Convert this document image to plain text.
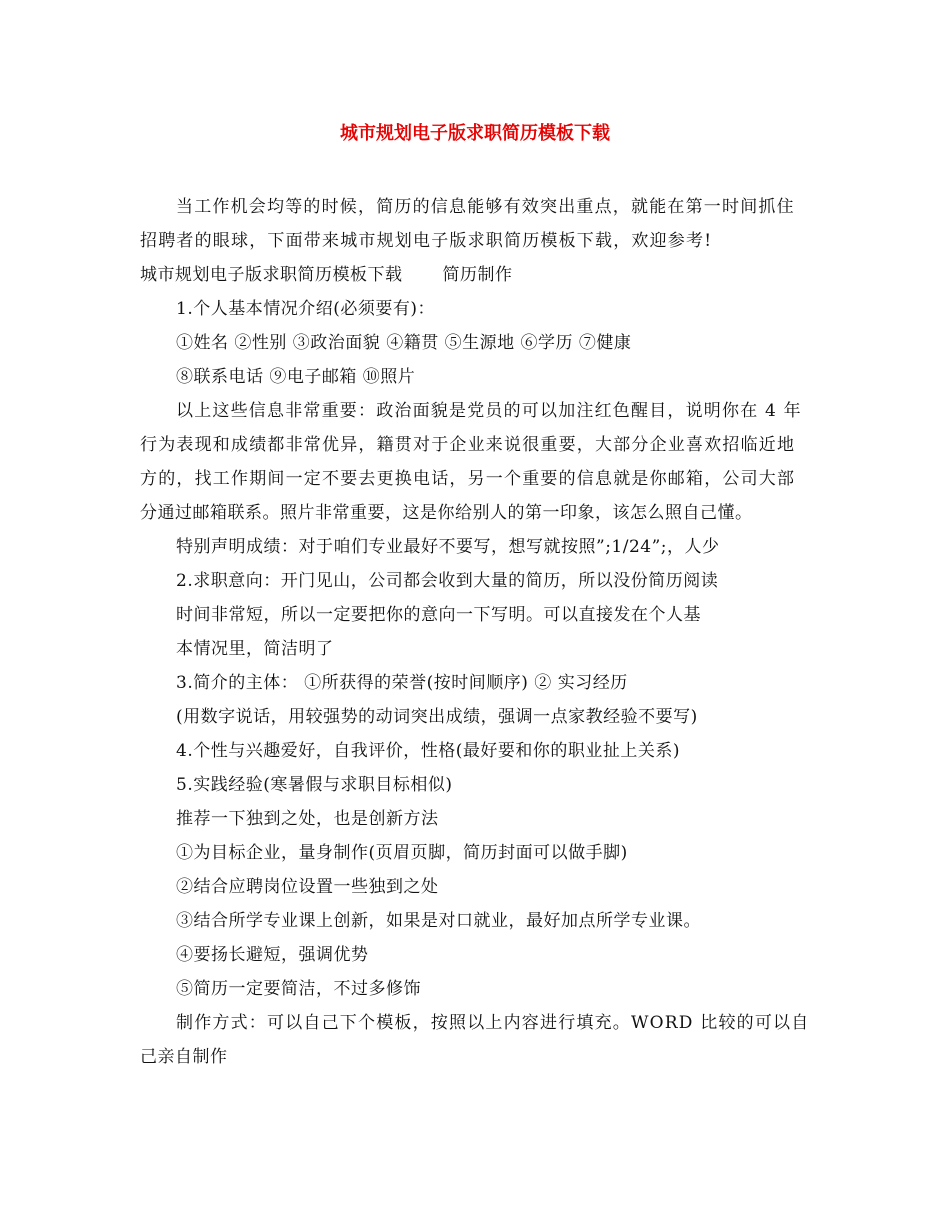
城市规划电子版求职简历模板下载
当工作机会均等的时候，简历的信息能够有效突出重点，就能在第一时间抓住
招聘者的眼球，下面带来城市规划电子版求职简历模板下载，欢迎参考!
城市规划电子版求职简历模板下载 简历制作
1.个人基本情况介绍(必须要有)：
①姓名 ②性别 ③政治面貌 ④籍贯 ⑤生源地 ⑥学历 ⑦健康
⑧联系电话 ⑨电子邮箱 ⑩照片
以上这些信息非常重要：政治面貌是党员的可以加注红色醒目，说明你在 4 年
行为表现和成绩都非常优异，籍贯对于企业来说很重要，大部分企业喜欢招临近地
方的，找工作期间一定不要去更换电话，另一个重要的信息就是你邮箱，公司大部
分通过邮箱联系。照片非常重要，这是你给别人的第一印象，该怎么照自己懂。
特别声明成绩：对于咱们专业最好不要写，想写就按照”;1/24”;，人少
2.求职意向：开门见山，公司都会收到大量的简历，所以没份简历阅读
时间非常短，所以一定要把你的意向一下写明。可以直接发在个人基
本情况里，简洁明了
3.简介的主体： ①所获得的荣誉(按时间顺序) ② 实习经历
(用数字说话，用较强势的动词突出成绩，强调一点家教经验不要写)
4.个性与兴趣爱好，自我评价，性格(最好要和你的职业扯上关系)
5.实践经验(寒暑假与求职目标相似)
推荐一下独到之处，也是创新方法
①为目标企业，量身制作(页眉页脚，简历封面可以做手脚)
②结合应聘岗位设置一些独到之处
③结合所学专业课上创新，如果是对口就业，最好加点所学专业课。
④要扬长避短，强调优势
⑤简历一定要简洁，不过多修饰
制作方式：可以自己下个模板，按照以上内容进行填充。WORD 比较的可以自
己亲自制作
